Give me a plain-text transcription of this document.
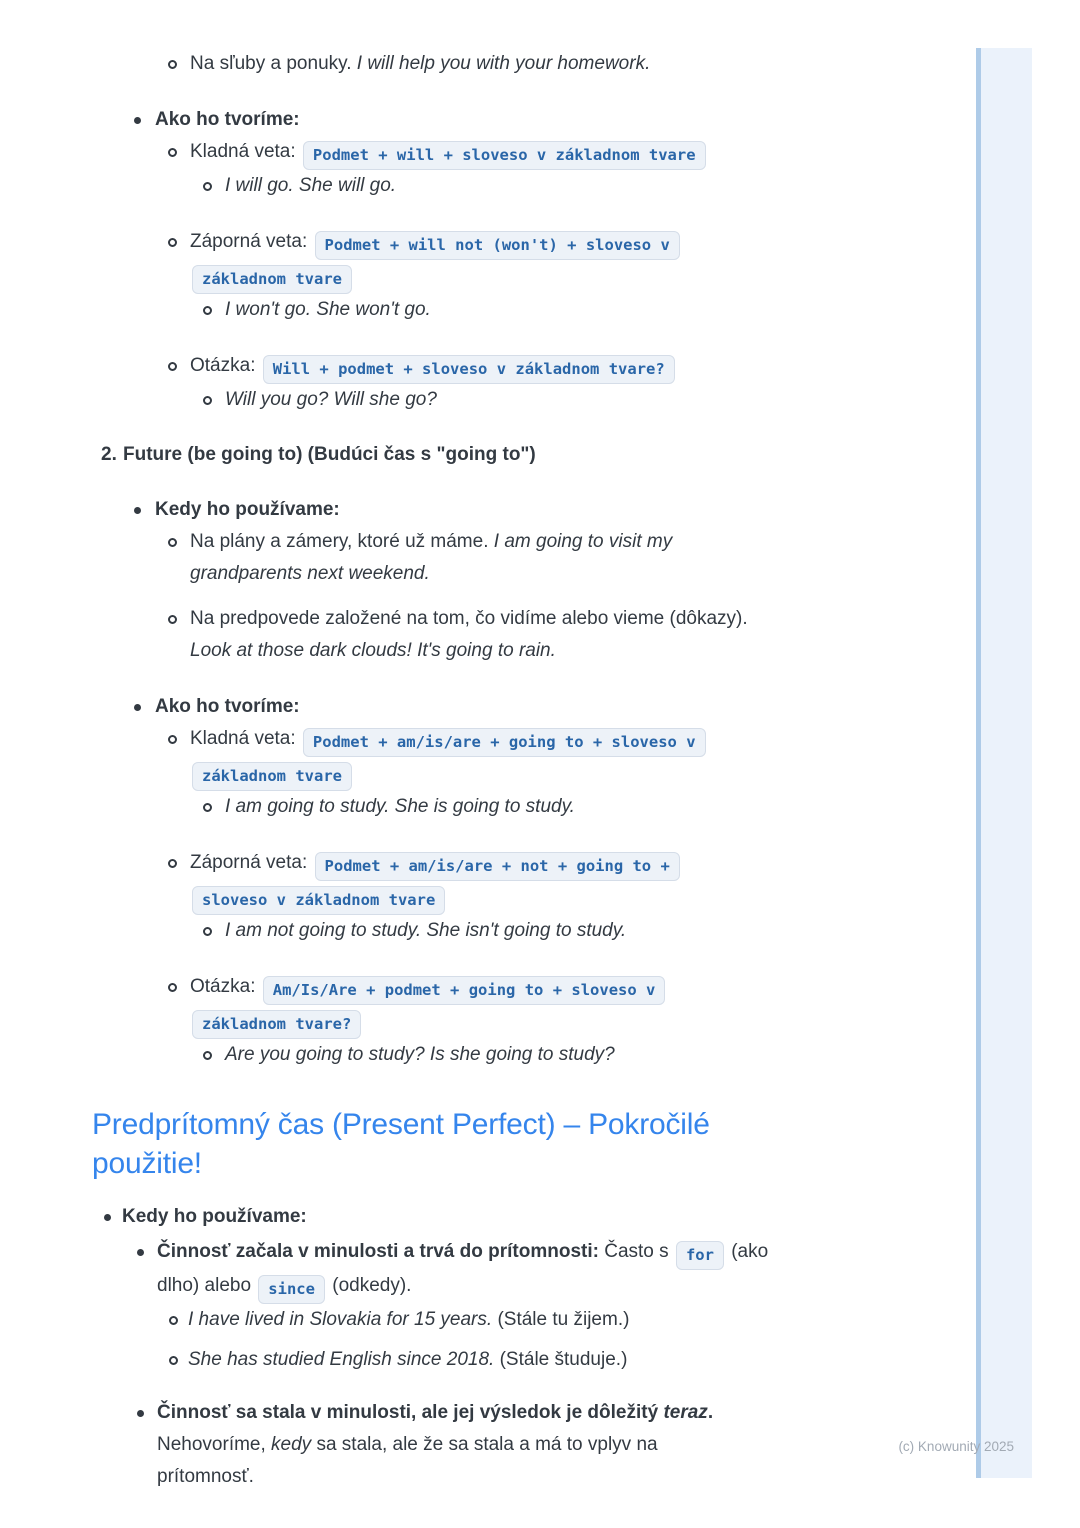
Na sľuby a ponuky. I will help you with your homework.
Ako ho tvoríme:
Kladná veta: Podmet + will + sloveso v základnom tvare
I will go. She will go.
Záporná veta: Podmet + will not (won't) + sloveso v
základnom tvare
I won't go. She won't go.
Otázka: Will + podmet + sloveso v základnom tvare?
Will you go? Will she go?
2. Future (be going to) (Budúci čas s "going to")
Kedy ho používame:
Na plány a zámery, ktoré už máme. I am going to visit my
grandparents next weekend.
Na predpovede založené na tom, čo vidíme alebo vieme (dôkazy).
Look at those dark clouds! It's going to rain.
Ako ho tvoríme:
Kladná veta: Podmet + am/is/are + going to + sloveso v
základnom tvare
I am going to study. She is going to study.
Záporná veta: Podmet + am/is/are + not + going to +
sloveso v základnom tvare
I am not going to study. She isn't going to study.
Otázka: Am/Is/Are + podmet + going to + sloveso v
základnom tvare?
Are you going to study? Is she going to study?
Predprítomný čas (Present Perfect) – Pokročilé
použitie!
Kedy ho používame:
Činnosť začala v minulosti a trvá do prítomnosti: Často s for (ako
dlho) alebo since (odkedy).
I have lived in Slovakia for 15 years. (Stále tu žijem.)
She has studied English since 2018. (Stále študuje.)
Činnosť sa stala v minulosti, ale jej výsledok je dôležitý teraz.
Nehovoríme, kedy sa stala, ale že sa stala a má to vplyv na
prítomnosť.
(c) Knowunity 2025
